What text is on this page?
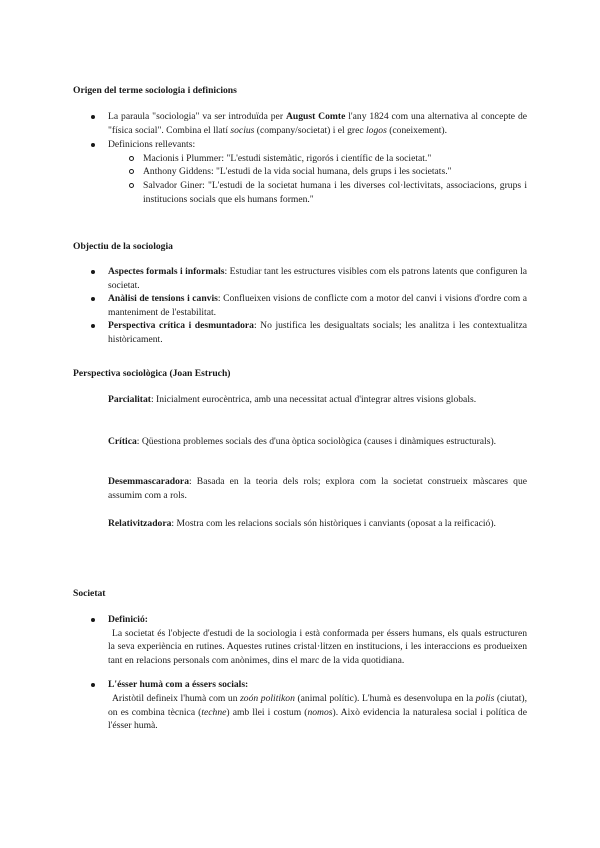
Origen del terme sociologia i definicions
La paraula "sociologia" va ser introduïda per August Comte l'any 1824 com una alternativa al concepte de "física social". Combina el llatí socius (company/societat) i el grec logos (coneixement).
Definicions rellevants:
Macionis i Plummer: "L'estudi sistemàtic, rigorós i científic de la societat."
Anthony Giddens: "L'estudi de la vida social humana, dels grups i les societats."
Salvador Giner: "L'estudi de la societat humana i les diverses col·lectivitats, associacions, grups i institucions socials que els humans formen."
Objectiu de la sociologia
Aspectes formals i informals: Estudiar tant les estructures visibles com els patrons latents que configuren la societat.
Anàlisi de tensions i canvis: Conflueixen visions de conflicte com a motor del canvi i visions d'ordre com a manteniment de l'estabilitat.
Perspectiva crítica i desmuntadora: No justifica les desigualtats socials; les analitza i les contextualitza històricament.
Perspectiva sociològica (Joan Estruch)

Parcialitat: Inicialment eurocèntrica, amb una necessitat actual d'integrar altres visions globals.

Crítica: Qüestiona problemes socials des d'una òptica sociològica (causes i dinàmiques estructurals).

Desemmascaradora: Basada en la teoria dels rols; explora com la societat construeix màscares que assumim com a rols.

Relativitzadora: Mostra com les relacions socials són històriques i canviants (oposat a la reificació).

Societat
Definició:
La societat és l'objecte d'estudi de la sociologia i està conformada per éssers humans, els quals estructuren la seva experiència en rutines. Aquestes rutines cristal·litzen en institucions, i les interaccions es produeixen tant en relacions personals com anònimes, dins el marc de la vida quotidiana.
L'ésser humà com a éssers socials:
Aristòtil defineix l'humà com un zoón politikon (animal polític). L'humà es desenvolupa en la polis (ciutat), on es combina tècnica (techne) amb llei i costum (nomos). Això evidencia la naturalesa social i política de l'ésser humà.
